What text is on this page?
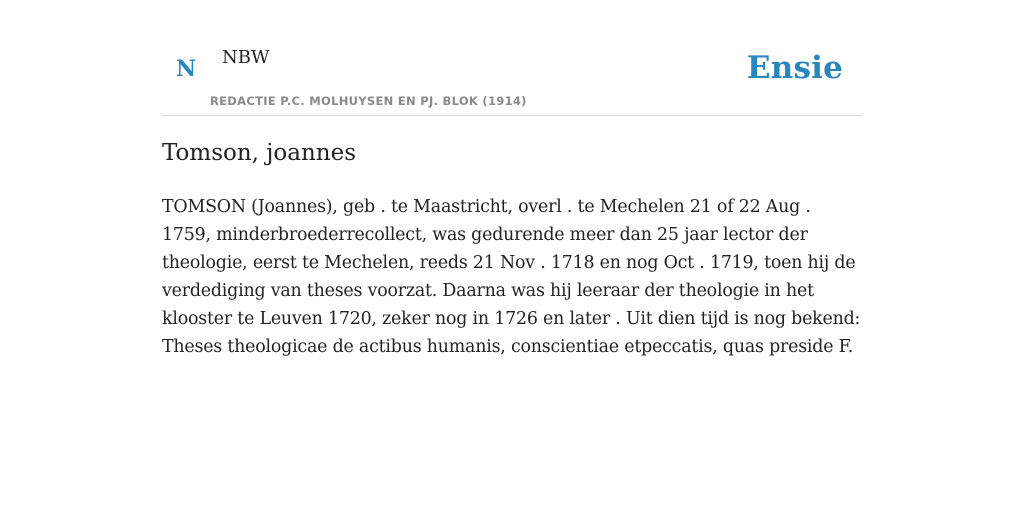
N NBW
REDACTIE P.C. MOLHUYSEN EN PJ. BLOK (1914)
Ensie
Tomson, joannes

TOMSON (Joannes), geb . te Maastricht, overl . te Mechelen 21 of 22 Aug . 1759, minderbroederrecollect, was gedurende meer dan 25 jaar lector der theologie, eerst te Mechelen, reeds 21 Nov . 1718 en nog Oct . 1719, toen hij de verdediging van theses voorzat. Daarna was hij leeraar der theologie in het klooster te Leuven 1720, zeker nog in 1726 en later . Uit dien tijd is nog bekend: Theses theologicae de actibus humanis, conscientiae etpeccatis, quas preside F.
